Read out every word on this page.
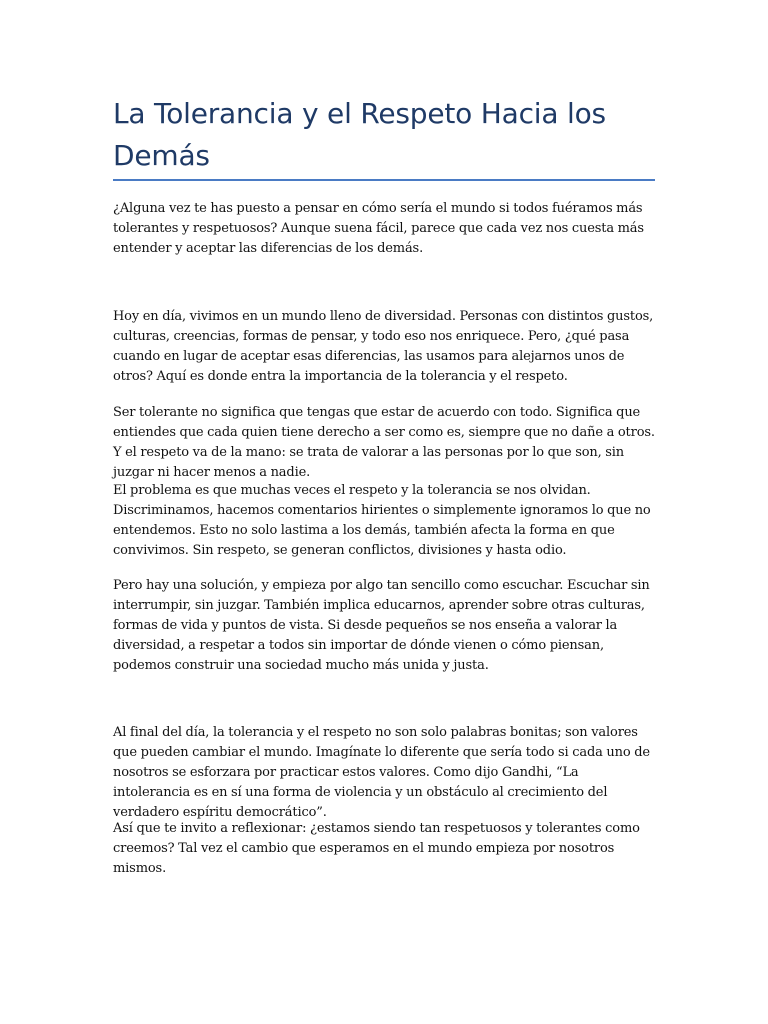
La Tolerancia y el Respeto Hacia los Demás

¿Alguna vez te has puesto a pensar en cómo sería el mundo si todos fuéramos más tolerantes y respetuosos? Aunque suena fácil, parece que cada vez nos cuesta más entender y aceptar las diferencias de los demás.

Hoy en día, vivimos en un mundo lleno de diversidad. Personas con distintos gustos, culturas, creencias, formas de pensar, y todo eso nos enriquece. Pero, ¿qué pasa cuando en lugar de aceptar esas diferencias, las usamos para alejarnos unos de otros? Aquí es donde entra la importancia de la tolerancia y el respeto.

Ser tolerante no significa que tengas que estar de acuerdo con todo. Significa que entiendes que cada quien tiene derecho a ser como es, siempre que no dañe a otros. Y el respeto va de la mano: se trata de valorar a las personas por lo que son, sin juzgar ni hacer menos a nadie.

El problema es que muchas veces el respeto y la tolerancia se nos olvidan. Discriminamos, hacemos comentarios hirientes o simplemente ignoramos lo que no entendemos. Esto no solo lastima a los demás, también afecta la forma en que convivimos. Sin respeto, se generan conflictos, divisiones y hasta odio.

Pero hay una solución, y empieza por algo tan sencillo como escuchar. Escuchar sin interrumpir, sin juzgar. También implica educarnos, aprender sobre otras culturas, formas de vida y puntos de vista. Si desde pequeños se nos enseña a valorar la diversidad, a respetar a todos sin importar de dónde vienen o cómo piensan, podemos construir una sociedad mucho más unida y justa.

Al final del día, la tolerancia y el respeto no son solo palabras bonitas; son valores que pueden cambiar el mundo. Imagínate lo diferente que sería todo si cada uno de nosotros se esforzara por practicar estos valores. Como dijo Gandhi, “La intolerancia es en sí una forma de violencia y un obstáculo al crecimiento del verdadero espíritu democrático”.

Así que te invito a reflexionar: ¿estamos siendo tan respetuosos y tolerantes como creemos? Tal vez el cambio que esperamos en el mundo empieza por nosotros mismos.
